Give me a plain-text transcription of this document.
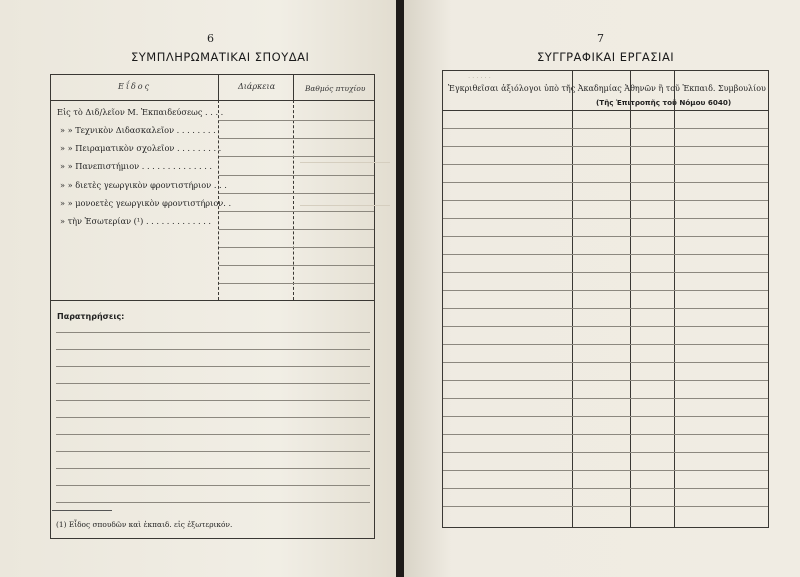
6
ΣΥΜΠΛΗΡΩΜΑΤΙΚΑΙ ΣΠΟΥΔΑΙ
Εΐδος	Διάρκεια	Βαθμός πτυχίου
Εἰς τὸ Διδ/λεῖον Μ. Ἐκπαιδεύσεως . . . .
» » Τεχνικὸν Διδασκαλεῖον . . . . . . . .
» » Πειραματικὸν σχολεῖον . . . . . . . . .
» » Πανεπιστήμιον . . . . . . . . . . . . . .
» » διετὲς γεωργικὸν φροντιστήριον . . .
» » μονοετὲς γεωργικὸν φροντιστήριον. .
» τὴν Ἑσωτερίαν (¹) . . . . . . . . . . . . .
Παρατηρήσεις:
(1) Εἶδος σπουδῶν καὶ ἐκπαιδ. εἰς ἐξωτερικόν.
7
ΣΥΓΓΡΑΦΙΚΑΙ ΕΡΓΑΣΙΑΙ
· · · · · ·
Ἐγκριθεῖσαι ἀξιόλογοι ὑπὸ τῆς Ἀκαδημίας Ἀθηνῶν ἢ τοῦ Ἐκπαιδ. Συμβουλίου
(Τῆς Ἐπιτροπῆς τοῦ Νόμου 6040)
